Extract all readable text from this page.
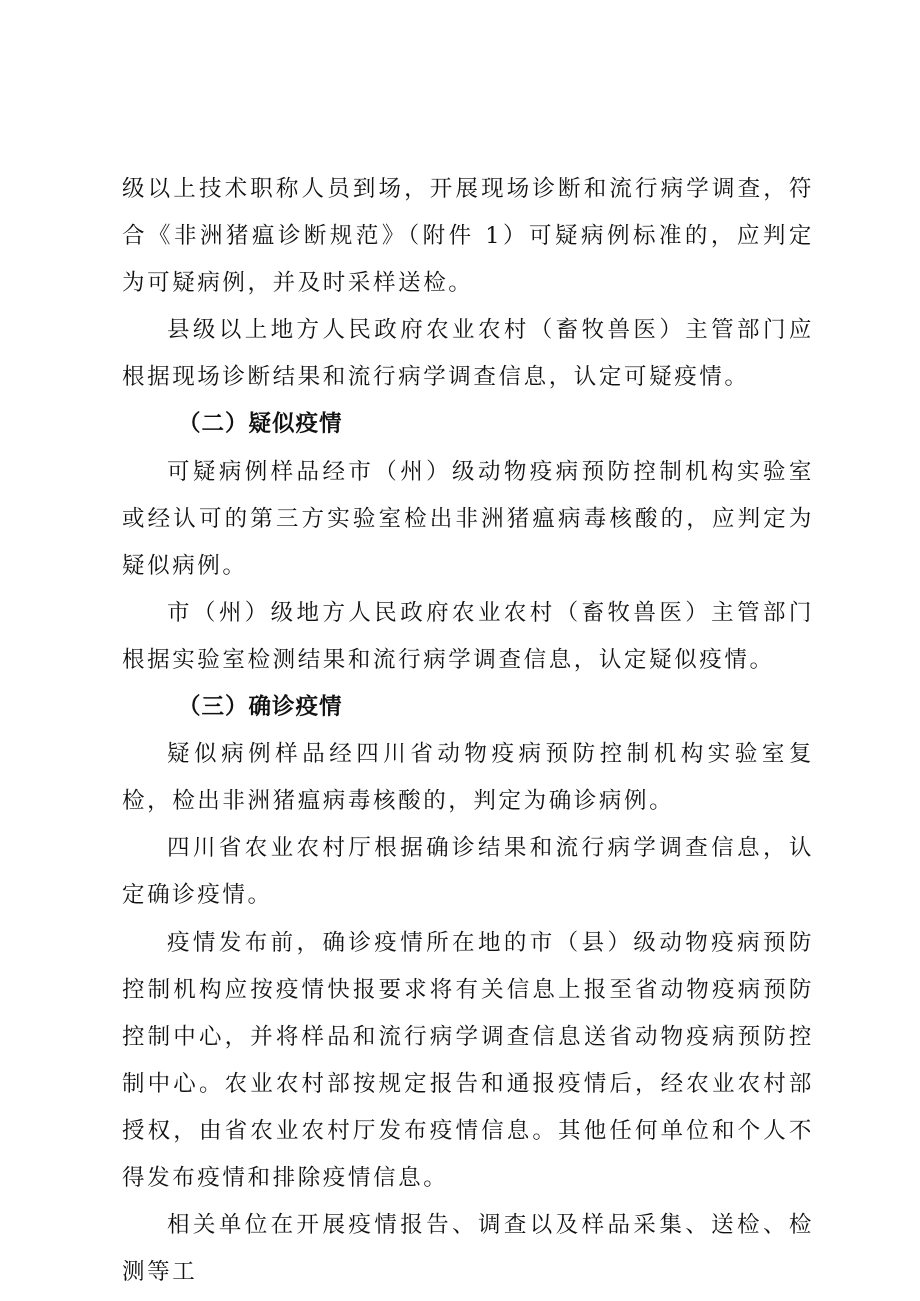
级以上技术职称人员到场，开展现场诊断和流行病学调查，符合《非洲猪瘟诊断规范》（附件 1）可疑病例标准的，应判定为可疑病例，并及时采样送检。

县级以上地方人民政府农业农村（畜牧兽医）主管部门应根据现场诊断结果和流行病学调查信息，认定可疑疫情。

（二）疑似疫情

可疑病例样品经市（州）级动物疫病预防控制机构实验室或经认可的第三方实验室检出非洲猪瘟病毒核酸的，应判定为疑似病例。

市（州）级地方人民政府农业农村（畜牧兽医）主管部门根据实验室检测结果和流行病学调查信息，认定疑似疫情。

（三）确诊疫情

疑似病例样品经四川省动物疫病预防控制机构实验室复检，检出非洲猪瘟病毒核酸的，判定为确诊病例。

四川省农业农村厅根据确诊结果和流行病学调查信息，认定确诊疫情。

疫情发布前，确诊疫情所在地的市（县）级动物疫病预防控制机构应按疫情快报要求将有关信息上报至省动物疫病预防控制中心，并将样品和流行病学调查信息送省动物疫病预防控制中心。农业农村部按规定报告和通报疫情后，经农业农村部授权，由省农业农村厅发布疫情信息。其他任何单位和个人不得发布疫情和排除疫情信息。

相关单位在开展疫情报告、调查以及样品采集、送检、检测等工
